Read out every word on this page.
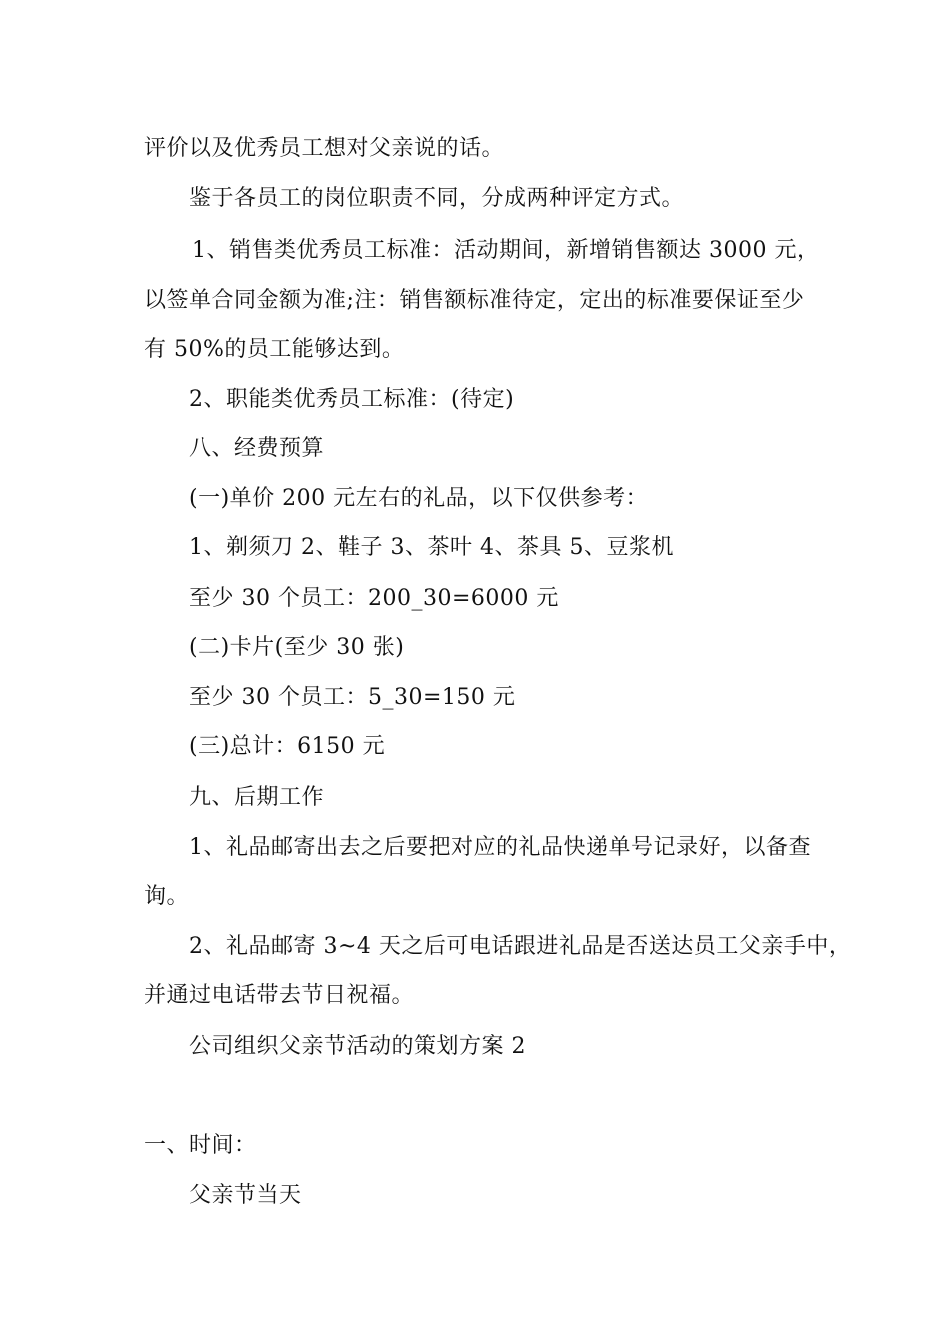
评价以及优秀员工想对父亲说的话。
鉴于各员工的岗位职责不同，分成两种评定方式。
1、销售类优秀员工标准：活动期间，新增销售额达 3000 元，
以签单合同金额为准;注：销售额标准待定，定出的标准要保证至少
有 50%的员工能够达到。
2、职能类优秀员工标准：(待定)
八、经费预算
(一)单价 200 元左右的礼品，以下仅供参考：
1、剃须刀 2、鞋子 3、茶叶 4、茶具 5、豆浆机
至少 30 个员工：200_30=6000 元
(二)卡片(至少 30 张)
至少 30 个员工：5_30=150 元
(三)总计：6150 元
九、后期工作
1、礼品邮寄出去之后要把对应的礼品快递单号记录好，以备查
询。
2、礼品邮寄 3~4 天之后可电话跟进礼品是否送达员工父亲手中，
并通过电话带去节日祝福。
公司组织父亲节活动的策划方案 2
一、时间：
父亲节当天
